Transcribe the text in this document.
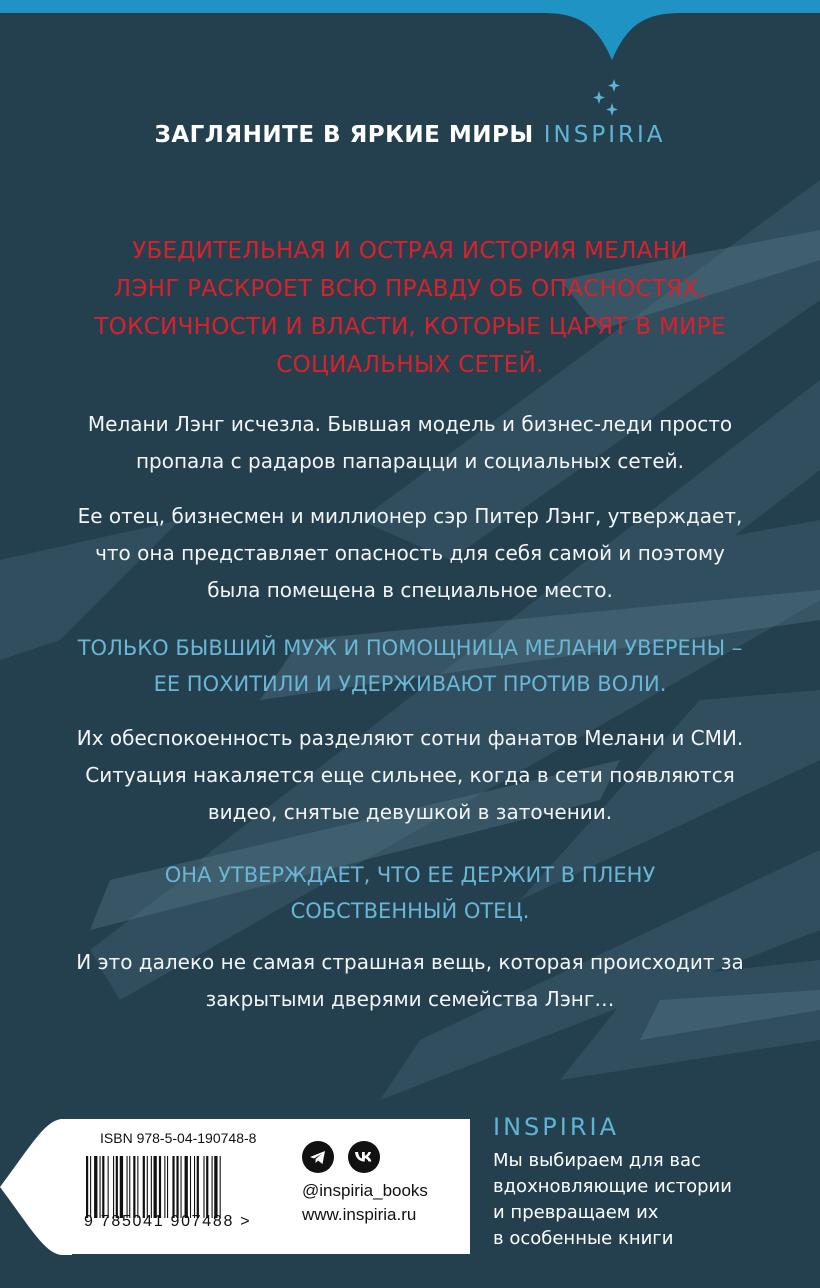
ЗАГЛЯНИТЕ В ЯРКИЕ МИРЫ INSPIRIA
УБЕДИТЕЛЬНАЯ И ОСТРАЯ ИСТОРИЯ МЕЛАНИ
ЛЭНГ РАСКРОЕТ ВСЮ ПРАВДУ ОБ ОПАСНОСТЯХ,
ТОКСИЧНОСТИ И ВЛАСТИ, КОТОРЫЕ ЦАРЯТ В МИРЕ
СОЦИАЛЬНЫХ СЕТЕЙ.
Мелани Лэнг исчезла. Бывшая модель и бизнес-леди просто
пропала с радаров папарацци и социальных сетей.
Ее отец, бизнесмен и миллионер сэр Питер Лэнг, утверждает,
что она представляет опасность для себя самой и поэтому
была помещена в специальное место.
ТОЛЬКО БЫВШИЙ МУЖ И ПОМОЩНИЦА МЕЛАНИ УВЕРЕНЫ –
ЕЕ ПОХИТИЛИ И УДЕРЖИВАЮТ ПРОТИВ ВОЛИ.
Их обеспокоенность разделяют сотни фанатов Мелани и СМИ.
Ситуация накаляется еще сильнее, когда в сети появляются
видео, снятые девушкой в заточении.
ОНА УТВЕРЖДАЕТ, ЧТО ЕЕ ДЕРЖИТ В ПЛЕНУ
СОБСТВЕННЫЙ ОТЕЦ.
И это далеко не самая страшная вещь, которая происходит за
закрытыми дверями семейства Лэнг…
ISBN 978-5-04-190748-8
9 785041 907488 >
@inspiria_books
www.inspiria.ru
INSPIRIA
Мы выбираем для вас
вдохновляющие истории
и превращаем их
в особенные книги
